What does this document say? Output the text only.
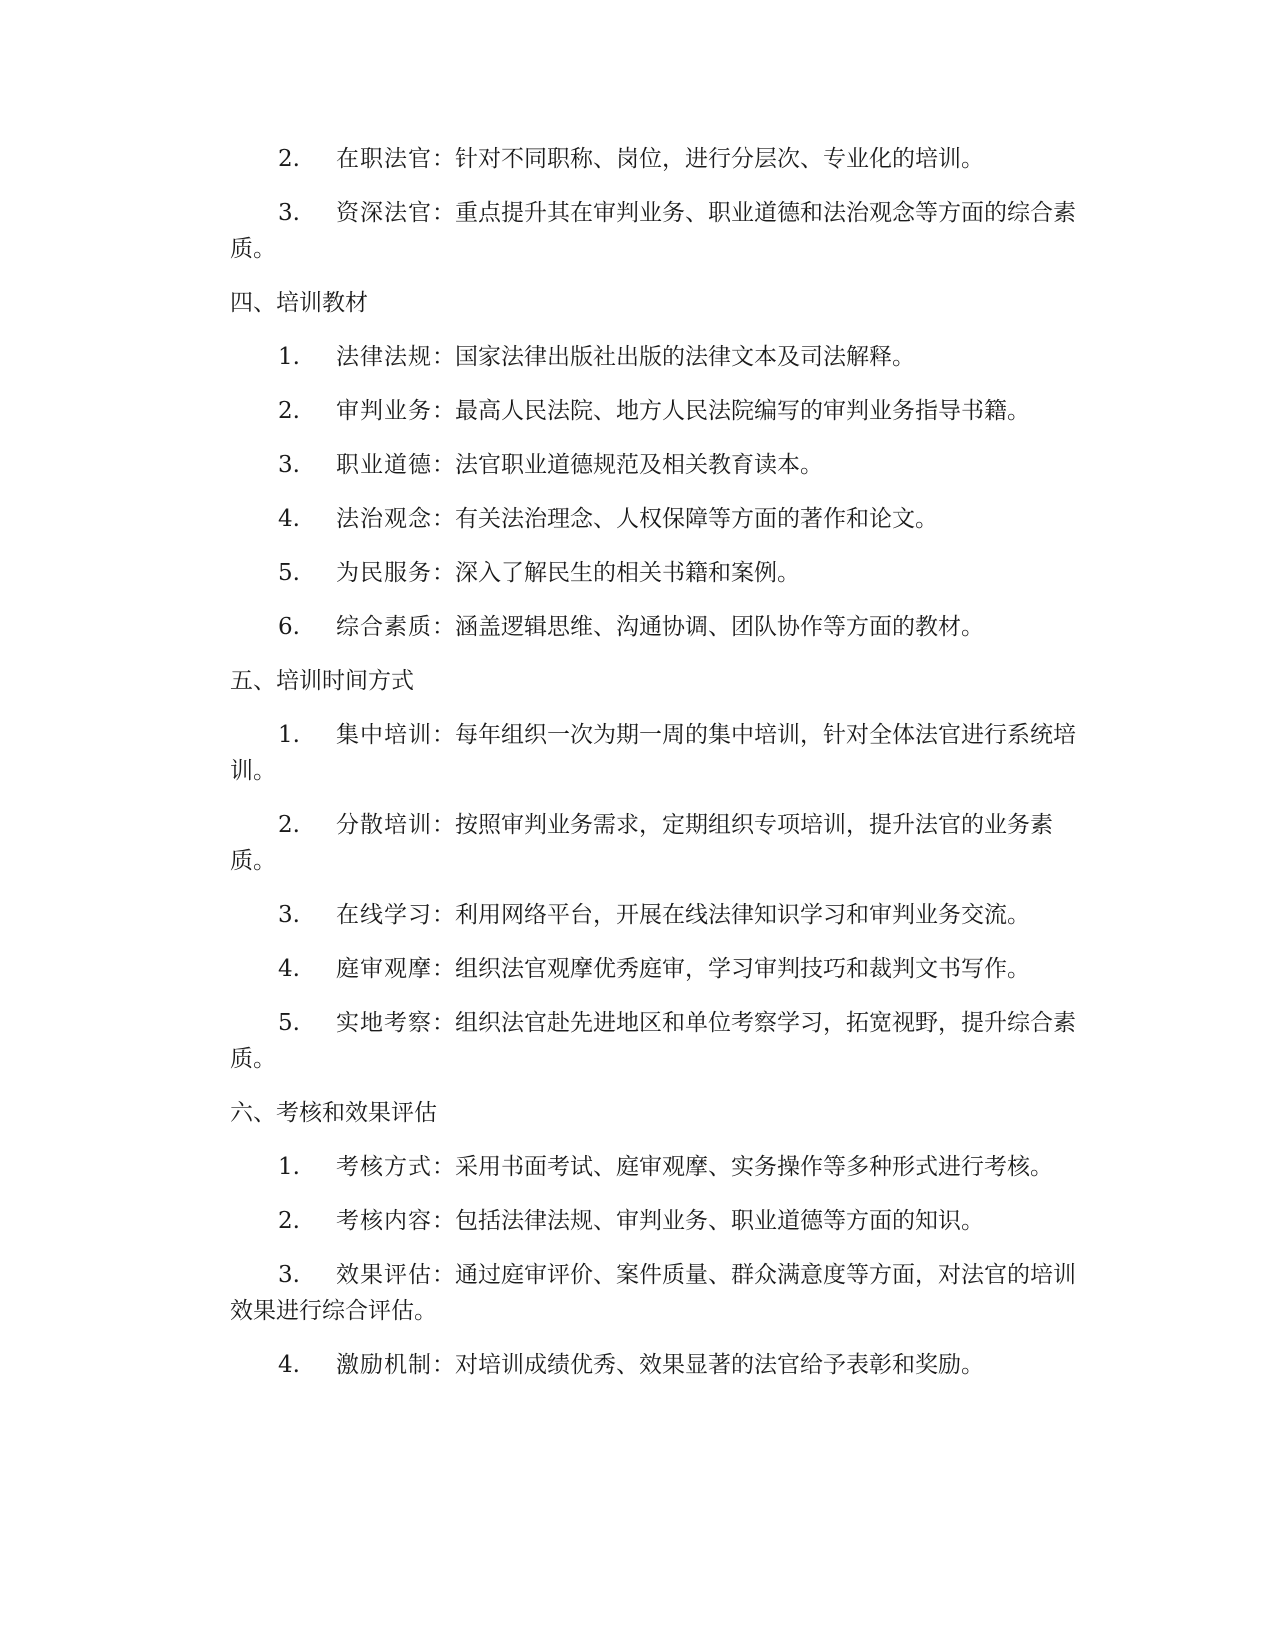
2. 在职法官：针对不同职称、岗位，进行分层次、专业化的培训。

3. 资深法官：重点提升其在审判业务、职业道德和法治观念等方面的综合素质。

四、培训教材

1. 法律法规：国家法律出版社出版的法律文本及司法解释。

2. 审判业务：最高人民法院、地方人民法院编写的审判业务指导书籍。

3. 职业道德：法官职业道德规范及相关教育读本。

4. 法治观念：有关法治理念、人权保障等方面的著作和论文。

5. 为民服务：深入了解民生的相关书籍和案例。

6. 综合素质：涵盖逻辑思维、沟通协调、团队协作等方面的教材。

五、培训时间方式

1. 集中培训：每年组织一次为期一周的集中培训，针对全体法官进行系统培训。

2. 分散培训：按照审判业务需求，定期组织专项培训，提升法官的业务素质。

3. 在线学习：利用网络平台，开展在线法律知识学习和审判业务交流。

4. 庭审观摩：组织法官观摩优秀庭审，学习审判技巧和裁判文书写作。

5. 实地考察：组织法官赴先进地区和单位考察学习，拓宽视野，提升综合素质。

六、考核和效果评估

1. 考核方式：采用书面考试、庭审观摩、实务操作等多种形式进行考核。

2. 考核内容：包括法律法规、审判业务、职业道德等方面的知识。

3. 效果评估：通过庭审评价、案件质量、群众满意度等方面，对法官的培训效果进行综合评估。

4. 激励机制：对培训成绩优秀、效果显著的法官给予表彰和奖励。
